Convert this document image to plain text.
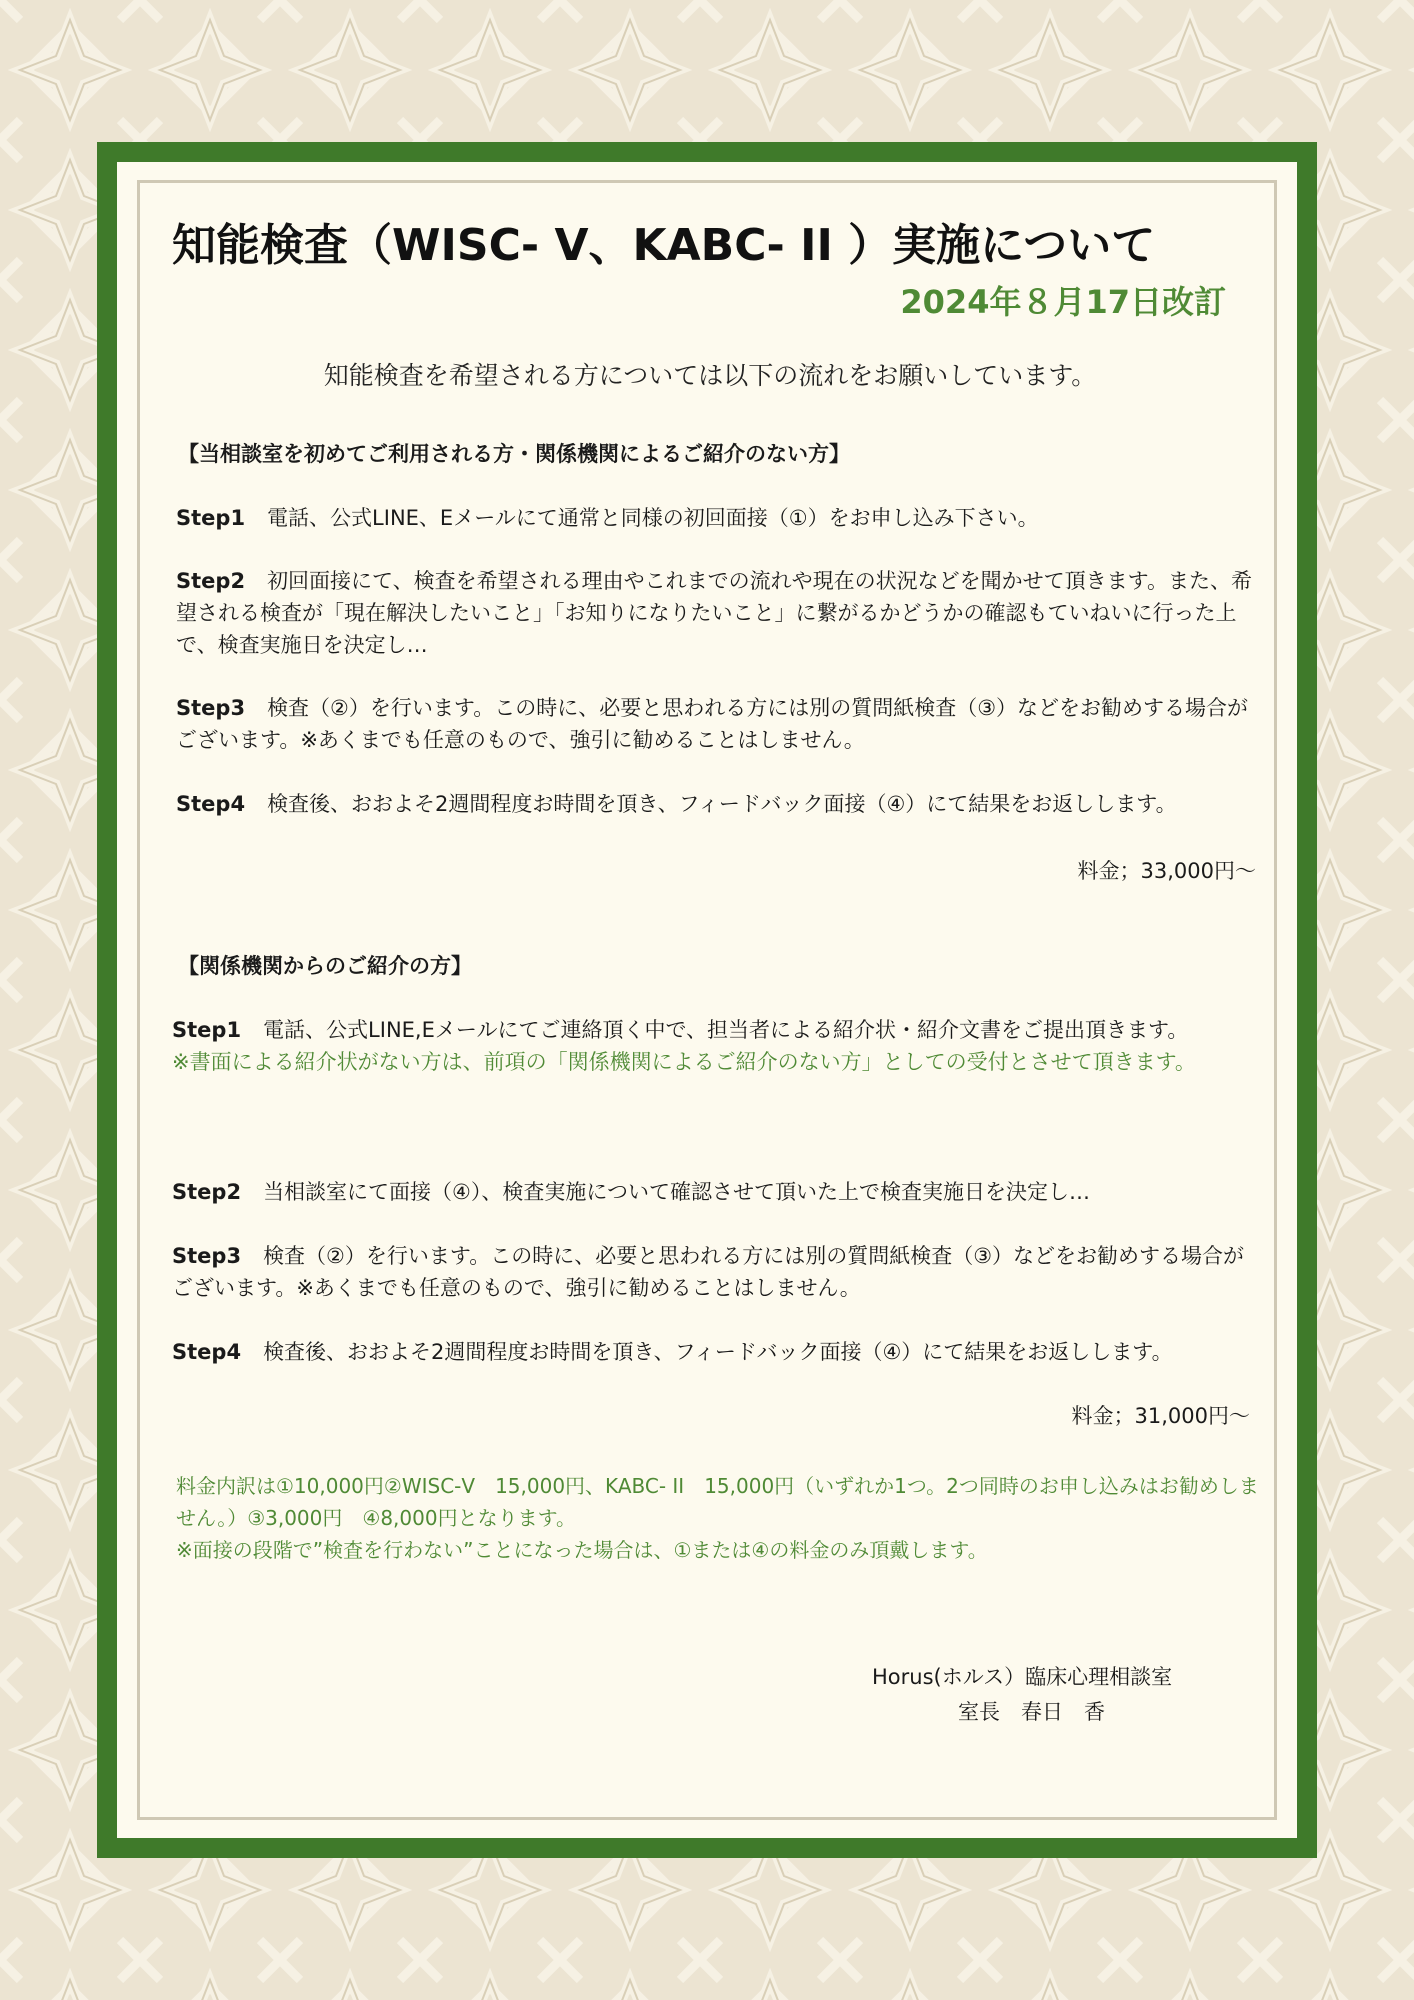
知能検査（WISC‐ V、KABC‐ II ）実施について
2024年８月17日改訂
知能検査を希望される方については以下の流れをお願いしています。
【当相談室を初めてご利用される方・関係機関によるご紹介のない方】
Step1 電話、公式LINE、Eメールにて通常と同様の初回面接（①）をお申し込み下さい。
Step2 初回面接にて、検査を希望される理由やこれまでの流れや現在の状況などを聞かせて頂きます。また、希望される検査が「現在解決したいこと」「お知りになりたいこと」に繋がるかどうかの確認もていねいに行った上で、検査実施日を決定し…
Step3 検査（②）を行います。この時に、必要と思われる方には別の質問紙検査（③）などをお勧めする場合がございます。※あくまでも任意のもので、強引に勧めることはしません。
Step4 検査後、おおよそ2週間程度お時間を頂き、フィードバック面接（④）にて結果をお返しします。
料金；33,000円〜
【関係機関からのご紹介の方】
Step1 電話、公式LINE,Eメールにてご連絡頂く中で、担当者による紹介状・紹介文書をご提出頂きます。
※書面による紹介状がない方は、前項の「関係機関によるご紹介のない方」としての受付とさせて頂きます。
Step2 当相談室にて面接（④）、検査実施について確認させて頂いた上で検査実施日を決定し…
Step3 検査（②）を行います。この時に、必要と思われる方には別の質問紙検査（③）などをお勧めする場合がございます。※あくまでも任意のもので、強引に勧めることはしません。
Step4 検査後、おおよそ2週間程度お時間を頂き、フィードバック面接（④）にて結果をお返しします。
料金；31,000円〜
料金内訳は①10,000円②WISC‐Ⅴ　15,000円、KABC‐ II　15,000円（いずれか1つ。2つ同時のお申し込みはお勧めしません。）③3,000円　④8,000円となります。
※面接の段階で”検査を行わない”ことになった場合は、①または④の料金のみ頂戴します。
Horus(ホルス）臨床心理相談室
室長　春日　香
